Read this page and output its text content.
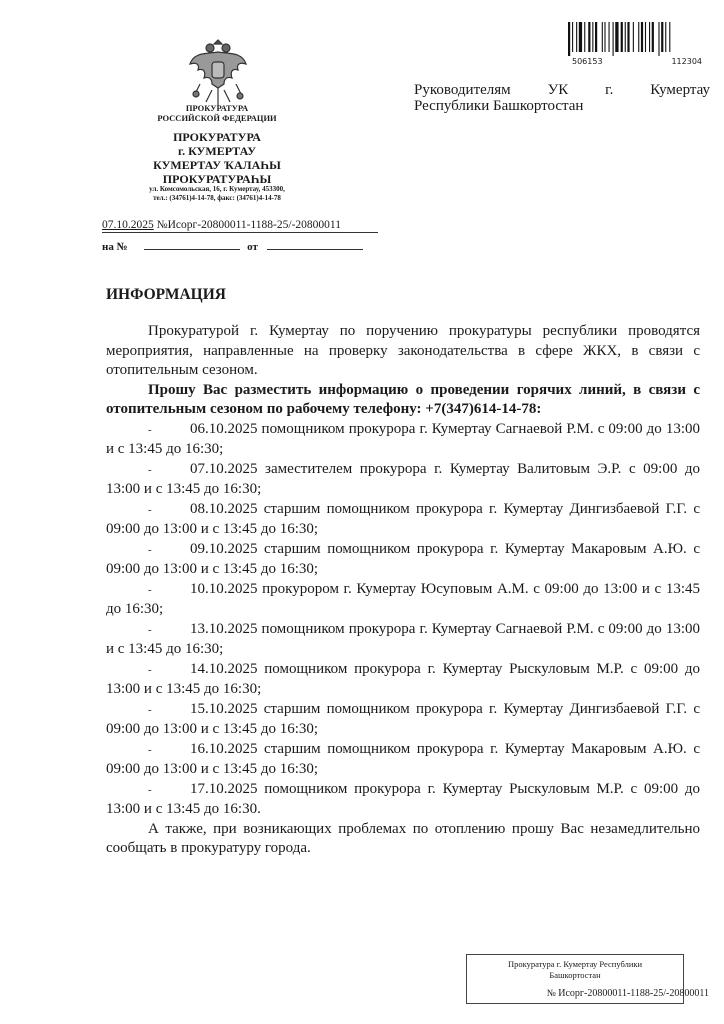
ПРОКУРАТУРА
РОССИЙСКОЙ ФЕДЕРАЦИИ
ПРОКУРАТУРА
г. КУМЕРТАУ
КУМЕРТАУ ҠАЛАҺЫ
ПРОКУРАТУРАҺЫ
ул. Комсомольская, 16, г. Кумертау, 453300,
тел.: (34761)4-14-78, факс: (34761)4-14-78
07.10.2025 №Исорг-20800011-1188-25/-20800011
на №	от
506153	112304
Руководителям УК г. Кумертау
Республики Башкортостан
ИНФОРМАЦИЯ

Прокуратурой г. Кумертау по поручению прокуратуры республики проводятся мероприятия, направленные на проверку законодательства в сфере ЖКХ, в связи с отопительным сезоном.

Прошу Вас разместить информацию о проведении горячих линий, в связи с отопительным сезоном по рабочему телефону: +7(347)614-14-78:

-	06.10.2025 помощником прокурора г. Кумертау Сагнаевой Р.М. с 09:00 до 13:00 и с 13:45 до 16:30;

-	07.10.2025 заместителем прокурора г. Кумертау Валитовым Э.Р. с 09:00 до 13:00 и с 13:45 до 16:30;

-	08.10.2025 старшим помощником прокурора г. Кумертау Дингизбаевой Г.Г. с 09:00 до 13:00 и с 13:45 до 16:30;

-	09.10.2025 старшим помощником прокурора г. Кумертау Макаровым А.Ю. с 09:00 до 13:00 и с 13:45 до 16:30;

-	10.10.2025 прокурором г. Кумертау Юсуповым А.М. с 09:00 до 13:00 и с 13:45 до 16:30;

-	13.10.2025 помощником прокурора г. Кумертау Сагнаевой Р.М. с 09:00 до 13:00 и с 13:45 до 16:30;

-	14.10.2025 помощником прокурора г. Кумертау Рыскуловым М.Р. с 09:00 до 13:00 и с 13:45 до 16:30;

-	15.10.2025 старшим помощником прокурора г. Кумертау Дингизбаевой Г.Г. с 09:00 до 13:00 и с 13:45 до 16:30;

-	16.10.2025 старшим помощником прокурора г. Кумертау Макаровым А.Ю. с 09:00 до 13:00 и с 13:45 до 16:30;

-	17.10.2025 помощником прокурора г. Кумертау Рыскуловым М.Р. с 09:00 до 13:00 и с 13:45 до 16:30.

А также, при возникающих проблемах по отоплению прошу Вас незамедлительно сообщать в прокуратуру города.

Прокуратура г. Кумертау Республики
Башкортостан
№ Исорг-20800011-1188-25/-20800011
